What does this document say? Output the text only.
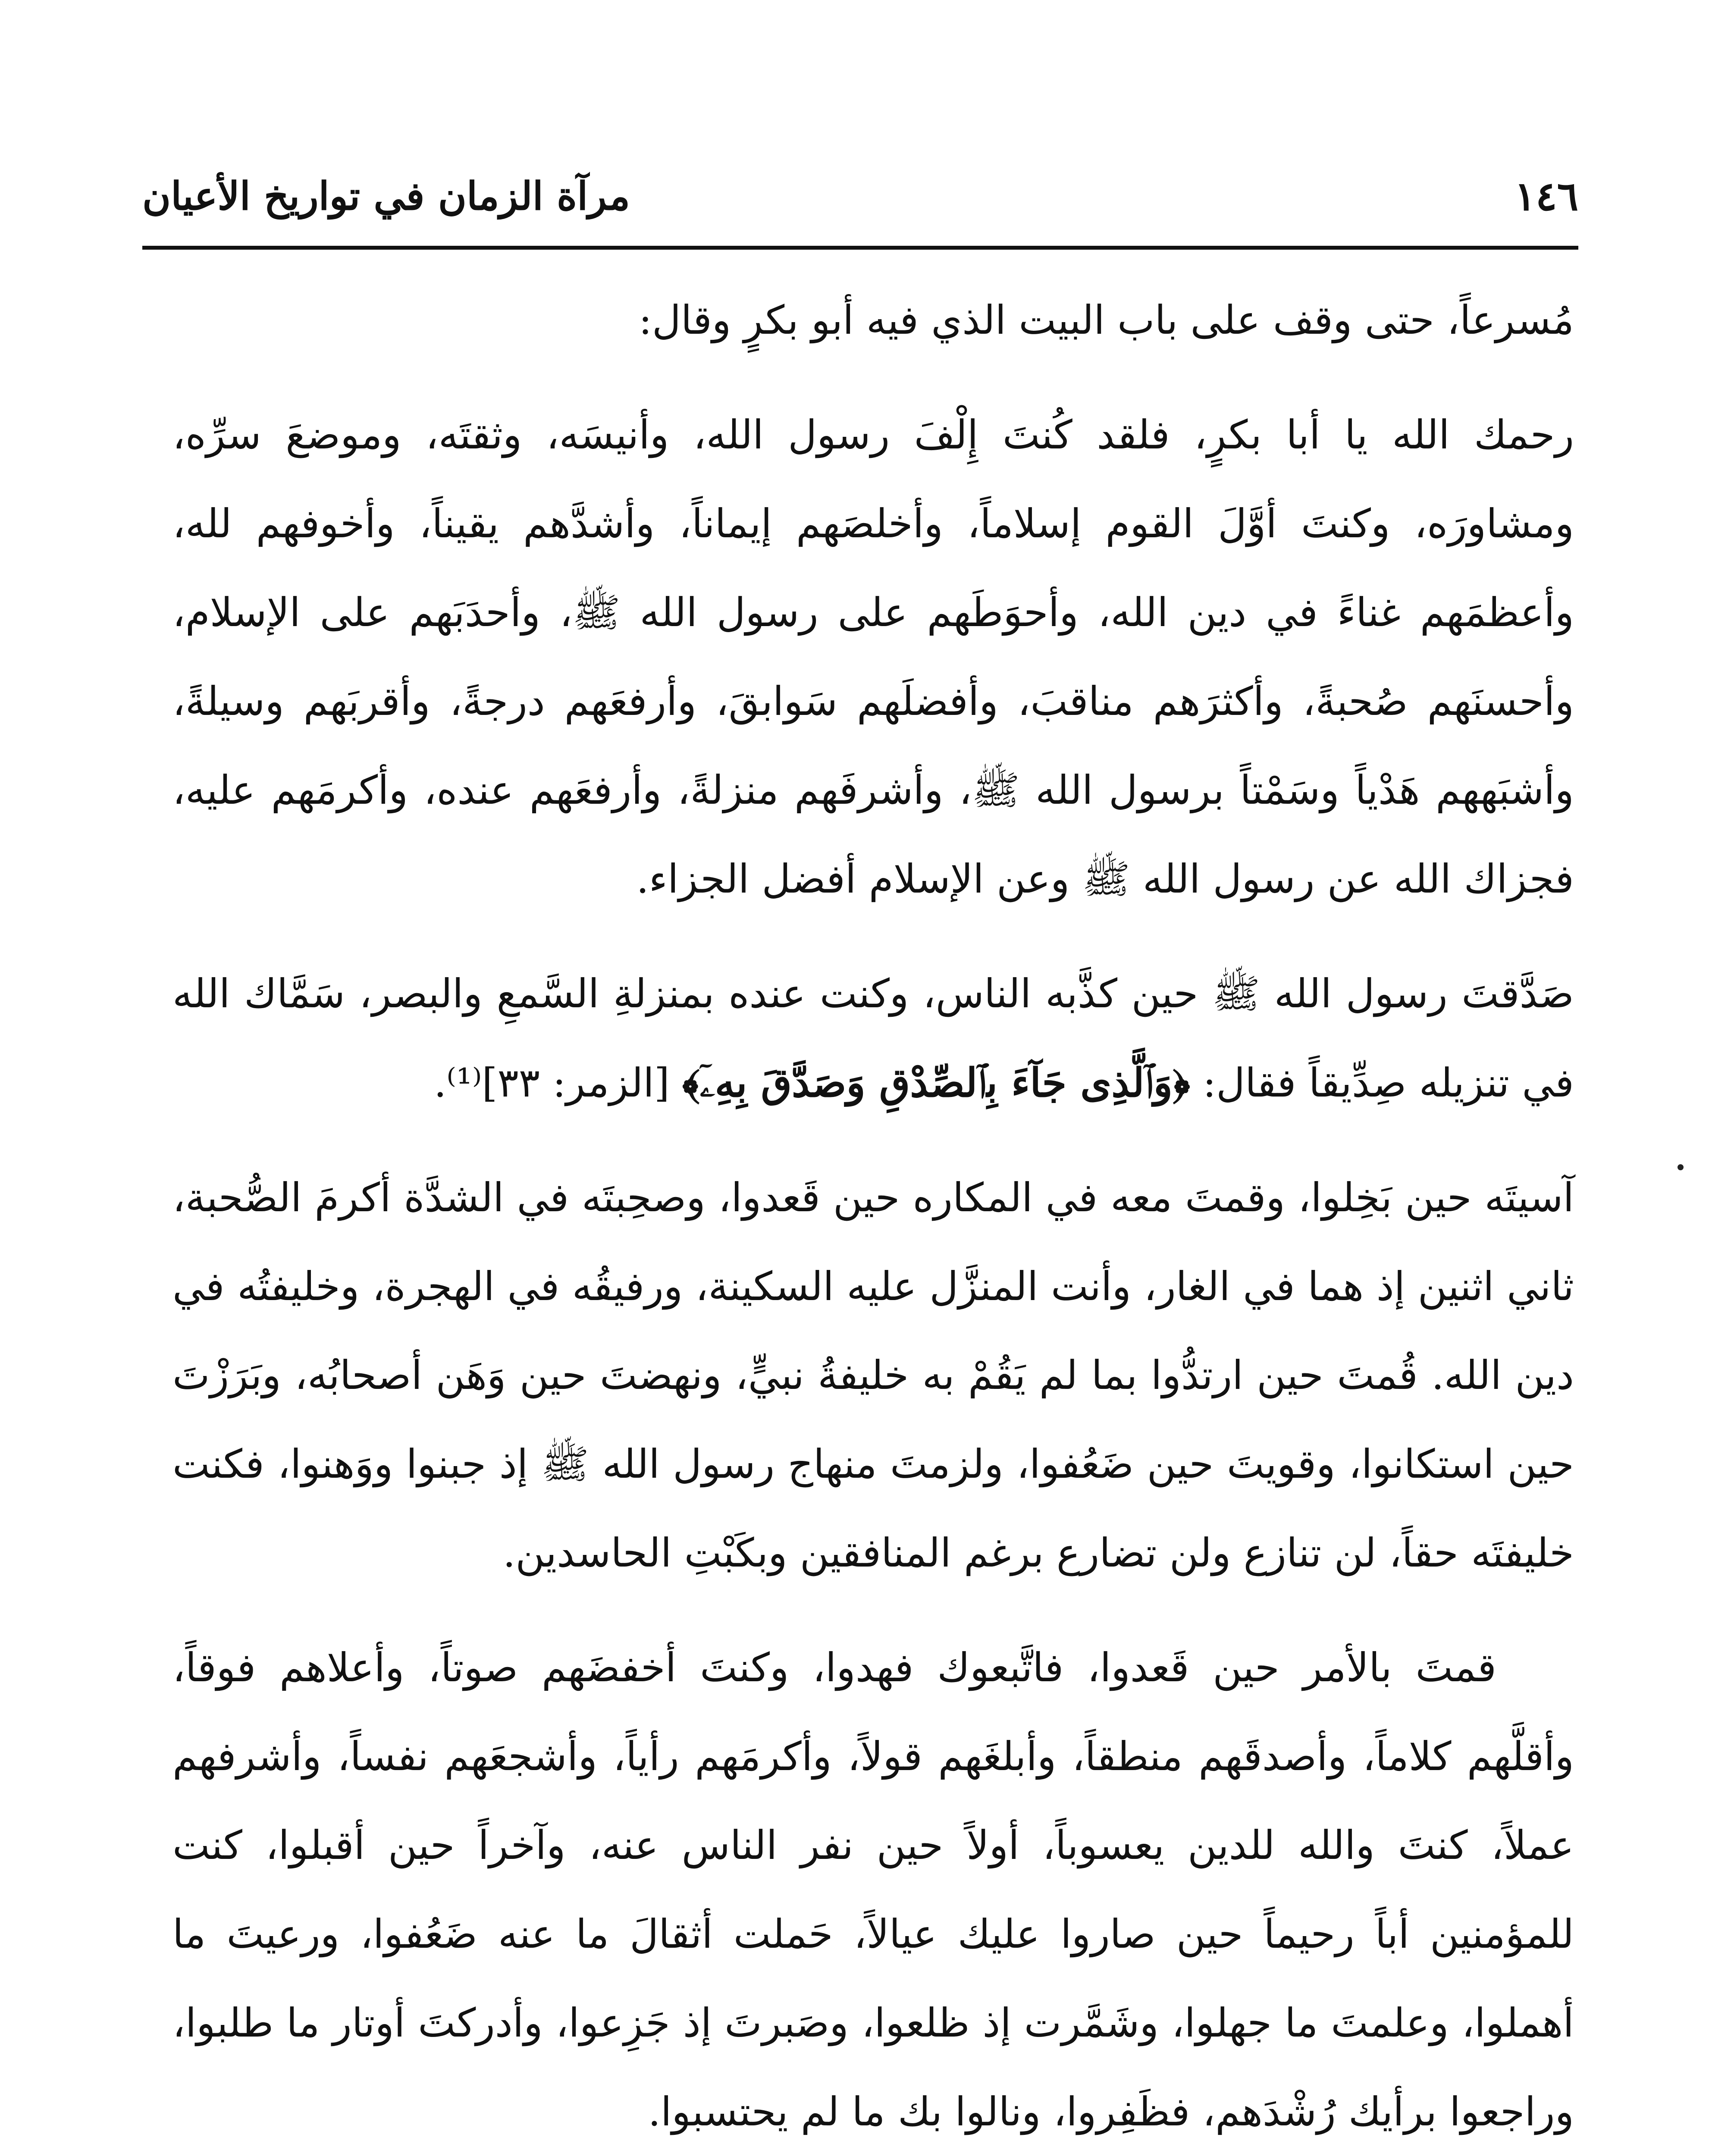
١٤٦
مرآة الزمان في تواريخ الأعيان

مُسرعاً، حتى وقف على باب البيت الذي فيه أبو بكرٍ وقال:

رحمك الله يا أبا بكرٍ، فلقد كُنتَ إِلْفَ رسول الله، وأنيسَه، وثقتَه، وموضعَ سرِّه، ومشاورَه، وكنتَ أوَّلَ القوم إسلاماً، وأخلصَهم إيماناً، وأشدَّهم يقيناً، وأخوفهم لله، وأعظمَهم غناءً في دين الله، وأحوَطَهم على رسول الله ﷺ، وأحدَبَهم على الإسلام، وأحسنَهم صُحبةً، وأكثرَهم مناقبَ، وأفضلَهم سَوابقَ، وأرفعَهم درجةً، وأقربَهم وسيلةً، وأشبَههم هَدْياً وسَمْتاً برسول الله ﷺ، وأشرفَهم منزلةً، وأرفعَهم عنده، وأكرمَهم عليه، فجزاك الله عن رسول الله ﷺ وعن الإسلام أفضل الجزاء.

صَدَّقتَ رسول الله ﷺ حين كذَّبه الناس، وكنت عنده بمنزلةِ السَّمعِ والبصر، سَمَّاك الله في تنزيله صِدِّيقاً فقال: ﴿وَٱلَّذِى جَآءَ بِٱلصِّدْقِ وَصَدَّقَ بِهِۦٓ﴾ [الزمر: ٣٣]⁽¹⁾.

آسيتَه حين بَخِلوا، وقمتَ معه في المكاره حين قَعدوا، وصحِبتَه في الشدَّة أكرمَ الصُّحبة، ثاني اثنين إذ هما في الغار، وأنت المنزَّل عليه السكينة، ورفيقُه في الهجرة، وخليفتُه في دين الله. قُمتَ حين ارتدُّوا بما لم يَقُمْ به خليفةُ نبيٍّ، ونهضتَ حين وَهَن أصحابُه، وبَرَزْتَ حين استكانوا، وقويتَ حين ضَعُفوا، ولزمتَ منهاج رسول الله ﷺ إذ جبنوا ووَهنوا، فكنت خليفتَه حقاً، لن تنازع ولن تضارع برغم المنافقين وبكَبْتِ الحاسدين.

قمتَ بالأمر حين قَعدوا، فاتَّبعوك فهدوا، وكنتَ أخفضَهم صوتاً، وأعلاهم فوقاً، وأقلَّهم كلاماً، وأصدقَهم منطقاً، وأبلغَهم قولاً، وأكرمَهم رأياً، وأشجعَهم نفساً، وأشرفهم عملاً، كنتَ والله للدين يعسوباً، أولاً حين نفر الناس عنه، وآخراً حين أقبلوا، كنت للمؤمنين أباً رحيماً حين صاروا عليك عيالاً، حَملت أثقالَ ما عنه ضَعُفوا، ورعيتَ ما أهملوا، وعلمتَ ما جهلوا، وشَمَّرت إذ ظلعوا، وصَبرتَ إذ جَزِعوا، وأدركتَ أوتار ما طلبوا، وراجعوا برأيك رُشْدَهم، فظَفِروا، ونالوا بك ما لم يحتسبوا.
